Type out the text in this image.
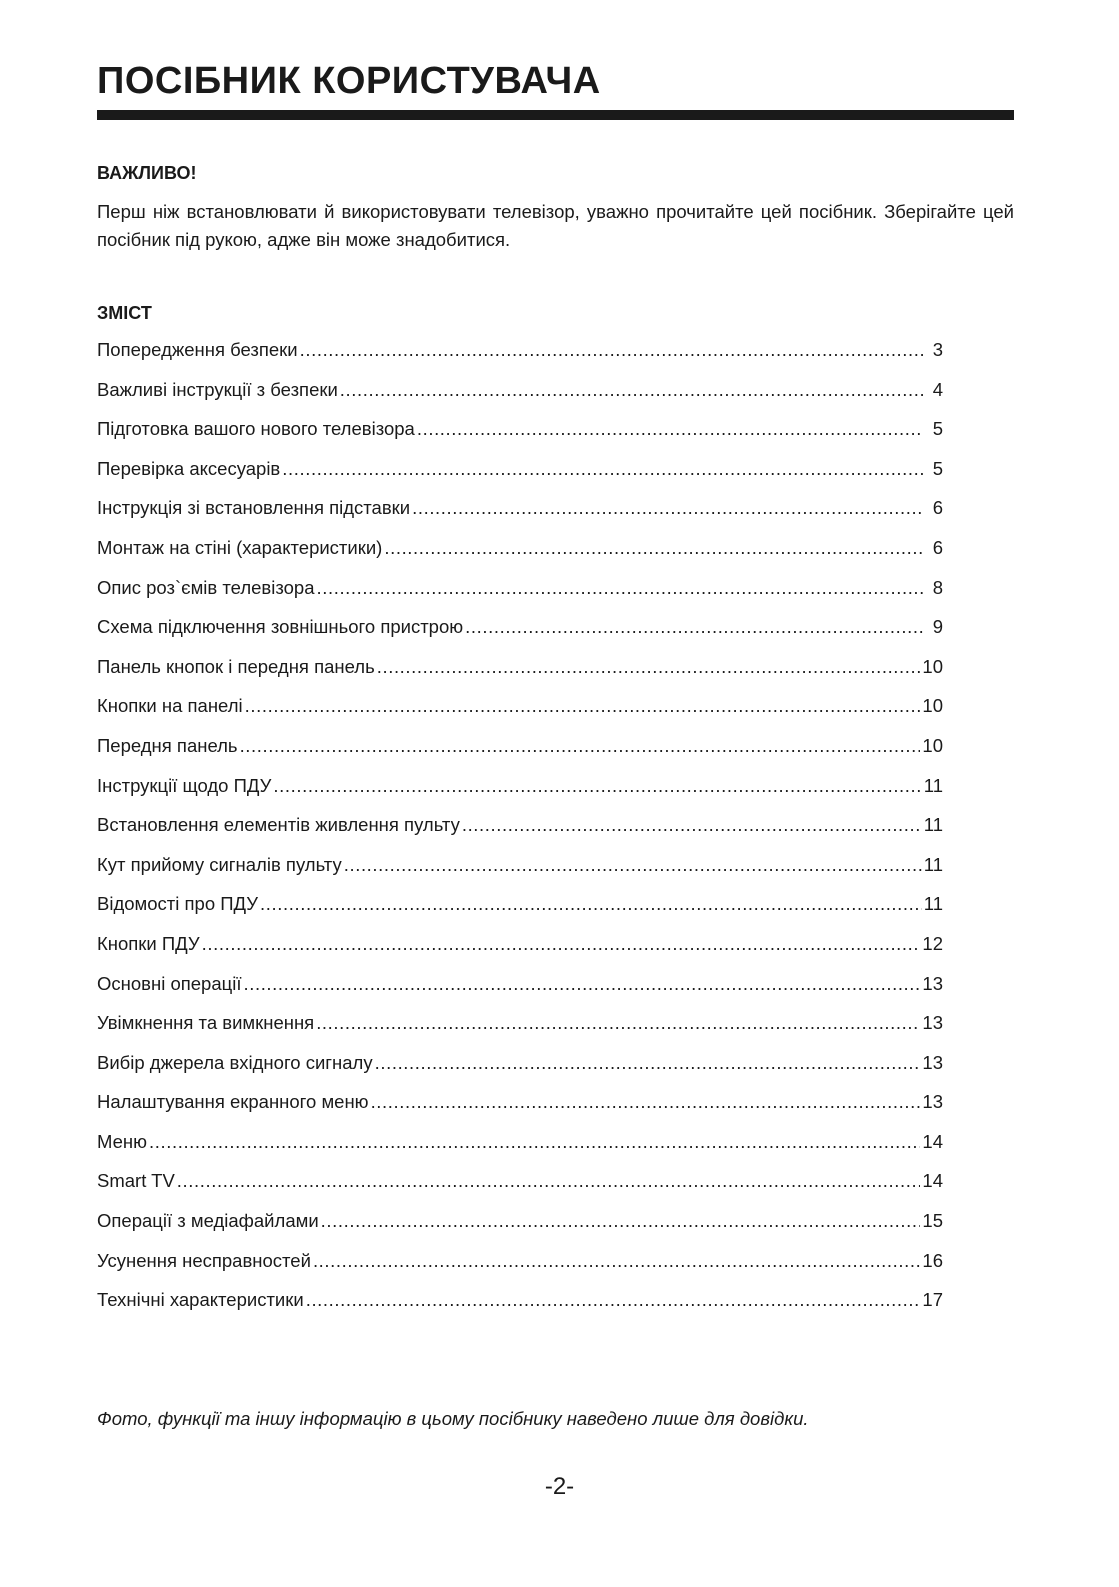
ПОСІБНИК КОРИСТУВАЧА
ВАЖЛИВО!

Перш ніж встановлювати й використовувати телевізор, уважно прочитайте цей посібник. Зберігайте цей посібник під рукою, адже він може знадобитися.

ЗМІСТ
Попередження безпеки .....	3
Важливі інструкції з безпеки .....	4
Підготовка вашого нового телевізора .....	5
Перевірка аксесуарів .....	5
Інструкція зі встановлення підставки .....	6
Монтаж на стіні (характеристики) .....	6
Опис роз`ємів телевізора .....	8
Схема підключення зовнішнього пристрою .....	9
Панель кнопок і передня панель .....	10
Кнопки на панелі .....	10
Передня панель .....	10
Інструкції щодо ПДУ .....	11
Встановлення елементів живлення пульту .....	11
Кут прийому сигналів пульту .....	11
Відомості про ПДУ .....	11
Кнопки ПДУ .....	12
Основні операції .....	13
Увімкнення та вимкнення .....	13
Вибір джерела вхідного сигналу .....	13
Налаштування екранного меню .....	13
Меню .....	14
Smart TV .....	14
Операції з медіафайлами .....	15
Усунення несправностей .....	16
Технічні характеристики .....	17

Фото, функції та іншу інформацію в цьому посібнику наведено лише для довідки.

-2-
